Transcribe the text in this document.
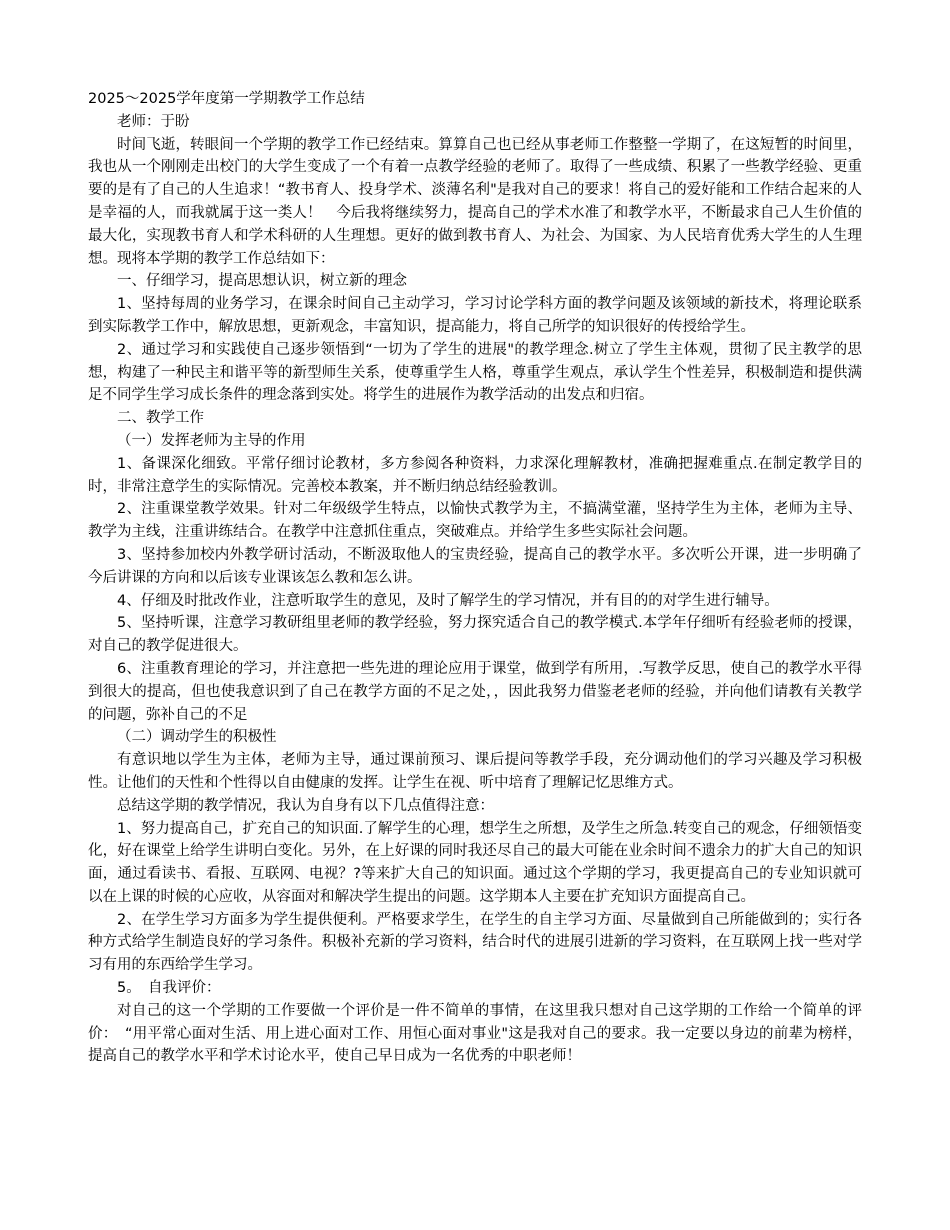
2025～2025学年度第一学期教学工作总结

老师：于盼

时间飞逝，转眼间一个学期的教学工作已经结束。算算自己也已经从事老师工作整整一学期了，在这短暂的时间里，我也从一个刚刚走出校门的大学生变成了一个有着一点教学经验的老师了。取得了一些成绩、积累了一些教学经验、更重要的是有了自己的人生追求！“教书育人、投身学术、淡薄名利"是我对自己的要求！将自己的爱好能和工作结合起来的人是幸福的人，而我就属于这一类人！　今后我将继续努力，提高自己的学术水准了和教学水平，不断最求自己人生价值的最大化，实现教书育人和学术科研的人生理想。更好的做到教书育人、为社会、为国家、为人民培育优秀大学生的人生理想。现将本学期的教学工作总结如下：

一、仔细学习，提高思想认识，树立新的理念

1、坚持每周的业务学习，在课余时间自己主动学习，学习讨论学科方面的教学问题及该领域的新技术，将理论联系到实际教学工作中，解放思想，更新观念，丰富知识，提高能力，将自己所学的知识很好的传授给学生。

2、通过学习和实践使自己逐步领悟到“一切为了学生的进展"的教学理念.树立了学生主体观，贯彻了民主教学的思想，构建了一种民主和谐平等的新型师生关系，使尊重学生人格，尊重学生观点，承认学生个性差异，积极制造和提供满足不同学生学习成长条件的理念落到实处。将学生的进展作为教学活动的出发点和归宿。

二、教学工作

（一）发挥老师为主导的作用

1、备课深化细致。平常仔细讨论教材，多方参阅各种资料，力求深化理解教材，准确把握难重点.在制定教学目的时，非常注意学生的实际情况。完善校本教案，并不断归纳总结经验教训。

2、注重课堂教学效果。针对二年级级学生特点，以愉快式教学为主，不搞满堂灌，坚持学生为主体，老师为主导、教学为主线，注重讲练结合。在教学中注意抓住重点，突破难点。并给学生多些实际社会问题。

3、坚持参加校内外教学研讨活动，不断汲取他人的宝贵经验，提高自己的教学水平。多次听公开课，进一步明确了今后讲课的方向和以后该专业课该怎么教和怎么讲。

4、仔细及时批改作业，注意听取学生的意见，及时了解学生的学习情况，并有目的的对学生进行辅导。

5、坚持听课，注意学习教研组里老师的教学经验，努力探究适合自己的教学模式.本学年仔细听有经验老师的授课，对自己的教学促进很大。

6、注重教育理论的学习，并注意把一些先进的理论应用于课堂，做到学有所用，.写教学反思，使自己的教学水平得到很大的提高，但也使我意识到了自己在教学方面的不足之处，，因此我努力借鉴老老师的经验，并向他们请教有关教学的问题，弥补自己的不足

（二）调动学生的积极性

有意识地以学生为主体，老师为主导，通过课前预习、课后提问等教学手段，充分调动他们的学习兴趣及学习积极性。让他们的天性和个性得以自由健康的发挥。让学生在视、听中培育了理解记忆思维方式。

总结这学期的教学情况，我认为自身有以下几点值得注意：

1、努力提高自己，扩充自己的知识面.了解学生的心理，想学生之所想，及学生之所急.转变自己的观念，仔细领悟变化，好在课堂上给学生讲明白变化。另外，在上好课的同时我还尽自己的最大可能在业余时间不遗余力的扩大自己的知识面，通过看读书、看报、互联网、电视？?等来扩大自己的知识面。通过这个学期的学习，我更提高自己的专业知识就可以在上课的时候的心应收，从容面对和解决学生提出的问题。这学期本人主要在扩充知识方面提高自己。

2、在学生学习方面多为学生提供便利。严格要求学生，在学生的自主学习方面、尽量做到自己所能做到的；实行各种方式给学生制造良好的学习条件。积极补充新的学习资料，结合时代的进展引进新的学习资料，在互联网上找一些对学习有用的东西给学生学习。

5。　自我评价：

对自己的这一个学期的工作要做一个评价是一件不简单的事情，在这里我只想对自己这学期的工作给一个简单的评价：　“用平常心面对生活、用上进心面对工作、用恒心面对事业"这是我对自己的要求。我一定要以身边的前辈为榜样，提高自己的教学水平和学术讨论水平，使自己早日成为一名优秀的中职老师！
